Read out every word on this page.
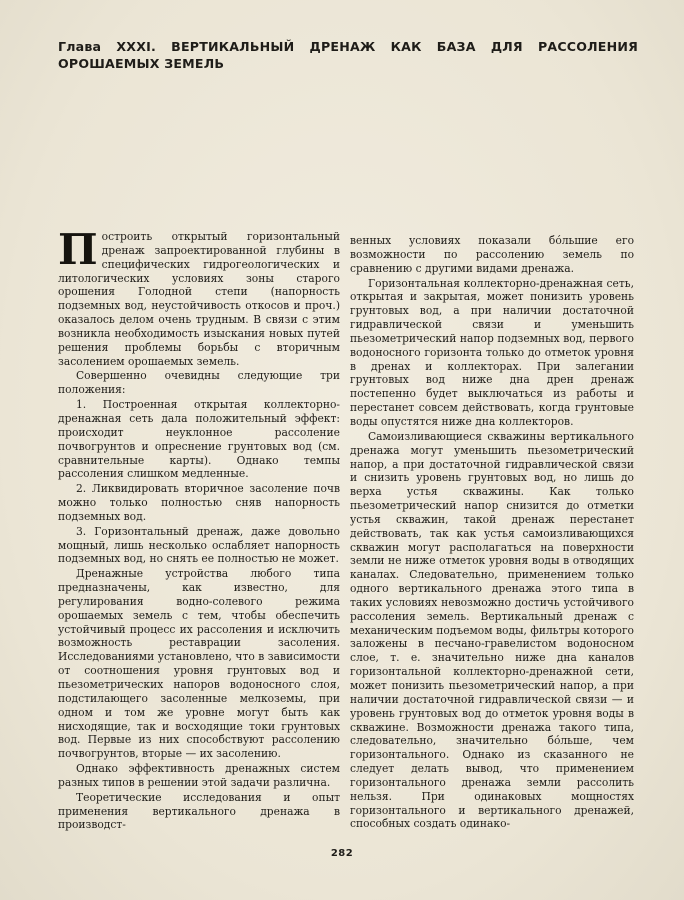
Глава XXXI. ВЕРТИКАЛЬНЫЙ ДРЕНАЖ КАК БАЗА ДЛЯ РАССОЛЕНИЯ ОРОШАЕМЫХ ЗЕМЕЛЬ

Построить открытый горизонтальный дренаж запроектированной глубины в специфических гидрогеологических и литологических условиях зоны старого орошения Голодной степи (напорность подземных вод, неустойчивость откосов и проч.) оказалось делом очень трудным. В связи с этим возникла необходимость изыскания новых путей решения проблемы борьбы с вторичным засолением орошаемых земель.

Совершенно очевидны следующие три положения:

1. Построенная открытая коллекторно-дренажная сеть дала положительный эффект: происходит неуклонное рассоление почвогрунтов и опреснение грунтовых вод (см. сравнительные карты). Однако темпы рассоления слишком медленные.

2. Ликвидировать вторичное засоление почв можно только полностью сняв напорность подземных вод.

3. Горизонтальный дренаж, даже довольно мощный, лишь несколько ослабляет напорность подземных вод, но снять ее полностью не может.

Дренажные устройства любого типа предназначены, как известно, для регулирования водно-солевого режима орошаемых земель с тем, чтобы обеспечить устойчивый процесс их рассоления и исключить возможность реставрации засоления. Исследованиями установлено, что в зависимости от соотношения уровня грунтовых вод и пьезометрических напоров водоносного слоя, подстилающего засоленные мелкоземы, при одном и том же уровне могут быть как нисходящие, так и восходящие токи грунтовых вод. Первые из них способствуют рассолению почвогрунтов, вторые — их засолению.

Однако эффективность дренажных систем разных типов в решении этой задачи различна.

Теоретические исследования и опыт применения вертикального дренажа в производст-

венных условиях показали бо́льшие его возможности по рассолению земель по сравнению с другими видами дренажа.

Горизонтальная коллекторно-дренажная сеть, открытая и закрытая, может понизить уровень грунтовых вод, а при наличии достаточной гидравлической связи и уменьшить пьезометрический напор подземных вод, первого водоносного горизонта только до отметок уровня в дренах и коллекторах. При залегании грунтовых вод ниже дна дрен дренаж постепенно будет выключаться из работы и перестанет совсем действовать, когда грунтовые воды опустятся ниже дна коллекторов.

Самоизливающиеся скважины вертикального дренажа могут уменьшить пьезометрический напор, а при достаточной гидравлической связи и снизить уровень грунтовых вод, но лишь до верха устья скважины. Как только пьезометрический напор снизится до отметки устья скважин, такой дренаж перестанет действовать, так как устья самоизливающихся скважин могут располагаться на поверхности земли не ниже отметок уровня воды в отводящих каналах. Следовательно, применением только одного вертикального дренажа этого типа в таких условиях невозможно достичь устойчивого рассоления земель. Вертикальный дренаж с механическим подъемом воды, фильтры которого заложены в песчано-гравелистом водоносном слое, т. е. значительно ниже дна каналов горизонтальной коллекторно-дренажной сети, может понизить пьезометрический напор, а при наличии достаточной гидравлической связи — и уровень грунтовых вод до отметок уровня воды в скважине. Возможности дренажа такого типа, следовательно, значительно бо́льше, чем горизонтального. Однако из сказанного не следует делать вывод, что применением горизонтального дренажа земли рассолить нельзя. При одинаковых мощностях горизонтального и вертикального дренажей, способных создать одинако-

282
